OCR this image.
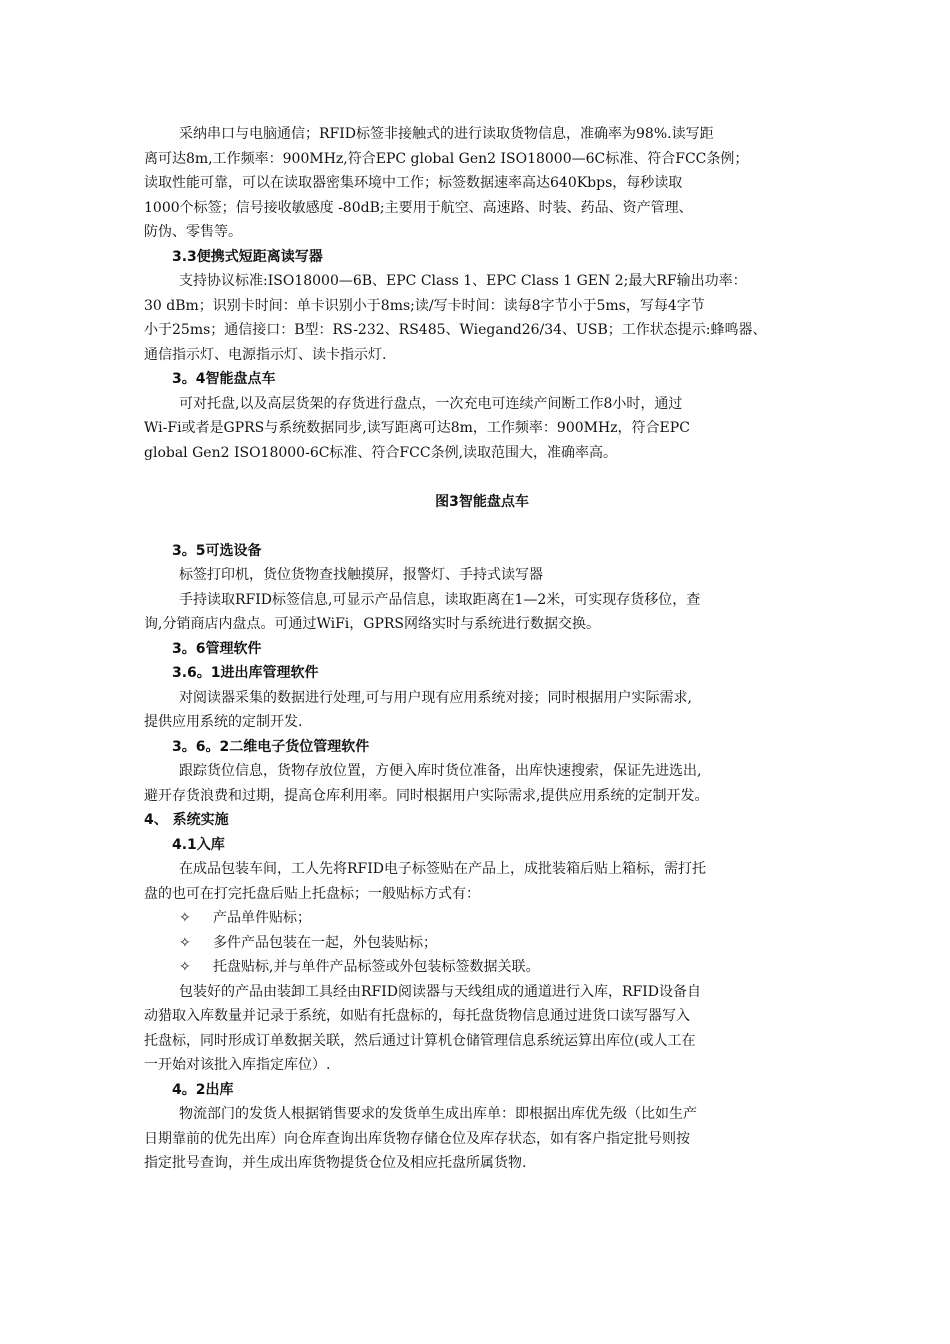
采纳串口与电脑通信；RFID标签非接触式的进行读取货物信息，准确率为98%.读写距
离可达8m,工作频率：900MHz,符合EPC global Gen2 ISO18000—6C标准、符合FCC条例；
读取性能可靠，可以在读取器密集环境中工作；标签数据速率高达640Kbps，每秒读取
1000个标签；信号接收敏感度 -80dB;主要用于航空、高速路、时装、药品、资产管理、
防伪、零售等。
3.3便携式短距离读写器
支持协议标准:ISO18000—6B、EPC Class 1、EPC Class 1 GEN 2;最大RF输出功率：
30 dBm；识别卡时间：单卡识别小于8ms;读/写卡时间：读每8字节小于5ms，写每4字节
小于25ms；通信接口：B型：RS-232、RS485、Wiegand26/34、USB；工作状态提示:蜂鸣器、
通信指示灯、电源指示灯、读卡指示灯.
3。4智能盘点车
可对托盘,以及高层货架的存货进行盘点，一次充电可连续产间断工作8小时，通过
Wi-Fi或者是GPRS与系统数据同步,读写距离可达8m，工作频率：900MHz，符合EPC
global Gen2 ISO18000-6C标准、符合FCC条例,读取范围大，准确率高。
图3智能盘点车
3。5可选设备
标签打印机，货位货物查找触摸屏，报警灯、手持式读写器
手持读取RFID标签信息,可显示产品信息，读取距离在1—2米，可实现存货移位，查
询,分销商店内盘点。可通过WiFi，GPRS网络实时与系统进行数据交换。
3。6管理软件
3.6。1进出库管理软件
对阅读器采集的数据进行处理,可与用户现有应用系统对接；同时根据用户实际需求,
提供应用系统的定制开发.
3。6。2二维电子货位管理软件
跟踪货位信息，货物存放位置，方便入库时货位准备，出库快速搜索，保证先进选出,
避开存货浪费和过期，提高仓库利用率。同时根据用户实际需求,提供应用系统的定制开发。
4、 系统实施
4.1入库
在成品包装车间，工人先将RFID电子标签贴在产品上，成批装箱后贴上箱标，需打托
盘的也可在打完托盘后贴上托盘标；一般贴标方式有：
✧ 产品单件贴标；
✧ 多件产品包装在一起，外包装贴标；
✧ 托盘贴标,并与单件产品标签或外包装标签数据关联。
包装好的产品由装卸工具经由RFID阅读器与天线组成的通道进行入库，RFID设备自
动猎取入库数量并记录于系统，如贴有托盘标的，每托盘货物信息通过进货口读写器写入
托盘标，同时形成订单数据关联，然后通过计算机仓储管理信息系统运算出库位(或人工在
一开始对该批入库指定库位）.
4。2出库
物流部门的发货人根据销售要求的发货单生成出库单：即根据出库优先级（比如生产
日期靠前的优先出库）向仓库查询出库货物存储仓位及库存状态，如有客户指定批号则按
指定批号查询，并生成出库货物提货仓位及相应托盘所属货物.
